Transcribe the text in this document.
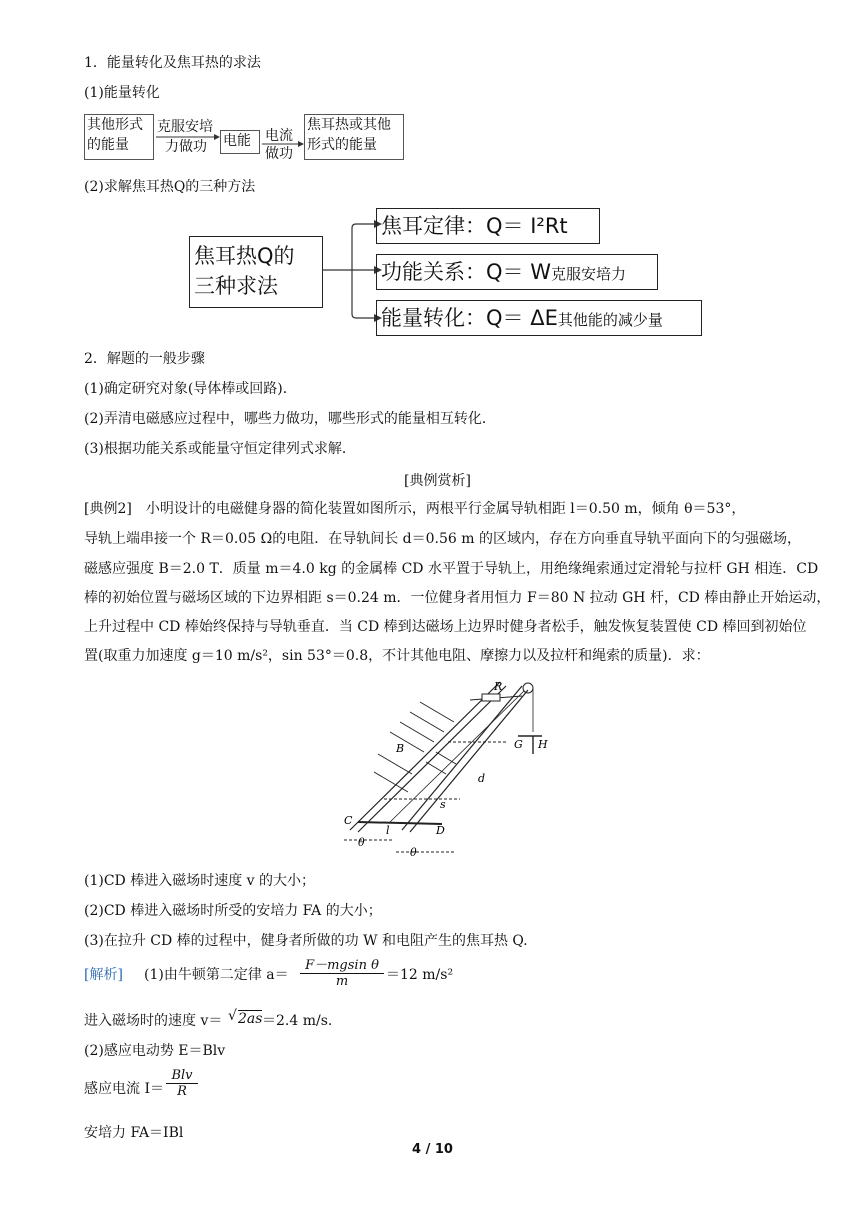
1．能量转化及焦耳热的求法
(1)能量转化
其他形式
的能量
克服安培
力做功	电能	电流
做功
焦耳热或其他
形式的能量
(2)求解焦耳热Q的三种方法
焦耳热Q的
三种求法
焦耳定律：Q＝ I²Rt
功能关系：Q＝ W克服安培力
能量转化：Q＝ ΔE其他能的减少量
2．解题的一般步骤
(1)确定研究对象(导体棒或回路)．
(2)弄清电磁感应过程中，哪些力做功，哪些形式的能量相互转化．
(3)根据功能关系或能量守恒定律列式求解．
[典例赏析]
[典例2]　小明设计的电磁健身器的简化装置如图所示，两根平行金属导轨相距 l＝0.50 m，倾角 θ＝53°，
导轨上端串接一个 R＝0.05 Ω的电阻．在导轨间长 d＝0.56 m 的区域内，存在方向垂直导轨平面向下的匀强磁场，
磁感应强度 B＝2.0 T．质量 m＝4.0 kg 的金属棒 CD 水平置于导轨上，用绝缘绳索通过定滑轮与拉杆 GH 相连．CD
棒的初始位置与磁场区域的下边界相距 s＝0.24 m．一位健身者用恒力 F＝80 N 拉动 GH 杆，CD 棒由静止开始运动，
上升过程中 CD 棒始终保持与导轨垂直．当 CD 棒到达磁场上边界时健身者松手，触发恢复装置使 CD 棒回到初始位
置(取重力加速度 g＝10 m/s²，sin 53°＝0.8，不计其他电阻、摩擦力以及拉杆和绳索的质量)．求：
R
G H
B
d
s
C
D
l
θ
θ
(1)CD 棒进入磁场时速度 v 的大小；
(2)CD 棒进入磁场时所受的安培力 FA 的大小；
(3)在拉升 CD 棒的过程中，健身者所做的功 W 和电阻产生的焦耳热 Q.
[解析] (1)由牛顿第二定律 $a= \frac{\text{F－mgsin θ}}{m} =12$ m/s²
进入磁场时的速度 v＝ √ 2as ＝2.4 m/s.
(2)感应电动势 E＝Blv
感应电流 I＝
Blv
R
安培力 FA＝IBl
4 / 10
